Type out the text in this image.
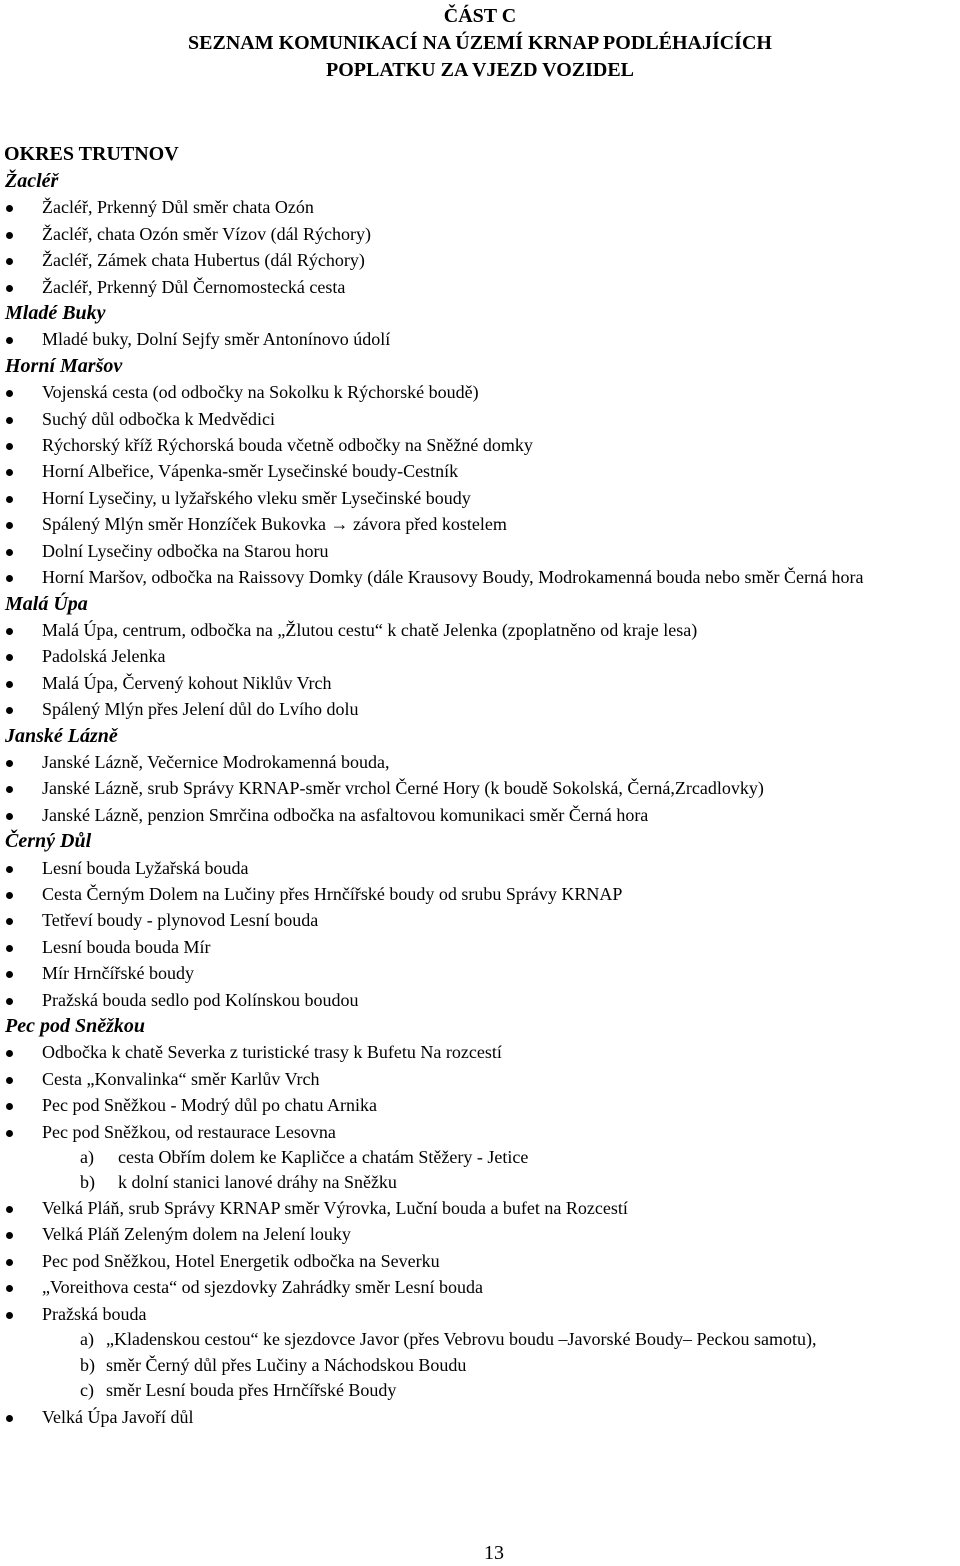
ČÁST C
SEZNAM KOMUNIKACÍ NA ÚZEMÍ KRNAP PODLÉHAJÍCÍCH
POPLATKU ZA VJEZD VOZIDEL
OKRES TRUTNOV
Žacléř
Žacléř, Prkenný Důl směr chata Ozón
Žacléř, chata Ozón směr Vízov (dál Rýchory)
Žacléř, Zámek chata Hubertus (dál Rýchory)
Žacléř, Prkenný Důl Černomostecká cesta
Mladé Buky
Mladé buky, Dolní Sejfy směr Antonínovo údolí
Horní Maršov
Vojenská cesta (od odbočky na Sokolku k Rýchorské boudě)
Suchý důl odbočka k Medvědici
Rýchorský kříž Rýchorská bouda včetně odbočky na Sněžné domky
Horní Albeřice, Vápenka-směr Lysečinské boudy-Cestník
Horní Lysečiny, u lyžařského vleku směr Lysečinské boudy
Spálený Mlýn směr Honzíček Bukovka → závora před kostelem
Dolní Lysečiny odbočka na Starou horu
Horní Maršov, odbočka na Raissovy Domky (dále Krausovy Boudy, Modrokamenná bouda nebo směr Černá hora
Malá Úpa
Malá Úpa, centrum, odbočka na „Žlutou cestu“ k chatě Jelenka (zpoplatněno od kraje lesa)
Padolská Jelenka
Malá Úpa, Červený kohout Niklův Vrch
Spálený Mlýn přes Jelení důl do Lvího dolu
Janské Lázně
Janské Lázně, Večernice Modrokamenná bouda,
Janské Lázně, srub Správy KRNAP-směr vrchol Černé Hory (k boudě Sokolská, Černá,Zrcadlovky)
Janské Lázně, penzion Smrčina odbočka na asfaltovou komunikaci směr Černá hora
Černý Důl
Lesní bouda Lyžařská bouda
Cesta Černým Dolem na Lučiny přes Hrnčířské boudy od srubu Správy KRNAP
Tetřeví boudy - plynovod Lesní bouda
Lesní bouda bouda Mír
Mír Hrnčířské boudy
Pražská bouda sedlo pod Kolínskou boudou
Pec pod Sněžkou
Odbočka k chatě Severka z turistické trasy k Bufetu Na rozcestí
Cesta „Konvalinka“ směr Karlův Vrch
Pec pod Sněžkou - Modrý důl po chatu Arnika
Pec pod Sněžkou, od restaurace Lesovna
a) cesta Obřím dolem ke Kapličce a chatám Stěžery - Jetice
b) k dolní stanici lanové dráhy na Sněžku
Velká Pláň, srub Správy KRNAP směr Výrovka, Luční bouda a bufet na Rozcestí
Velká Pláň Zeleným dolem na Jelení louky
Pec pod Sněžkou, Hotel Energetik odbočka na Severku
„Voreithova cesta“ od sjezdovky Zahrádky směr Lesní bouda
Pražská bouda
a) „Kladenskou cestou“ ke sjezdovce Javor (přes Vebrovu boudu –Javorské Boudy– Peckou samotu),
b) směr Černý důl přes Lučiny a Náchodskou Boudu
c) směr Lesní bouda přes Hrnčířské Boudy
Velká Úpa Javoří důl
13
